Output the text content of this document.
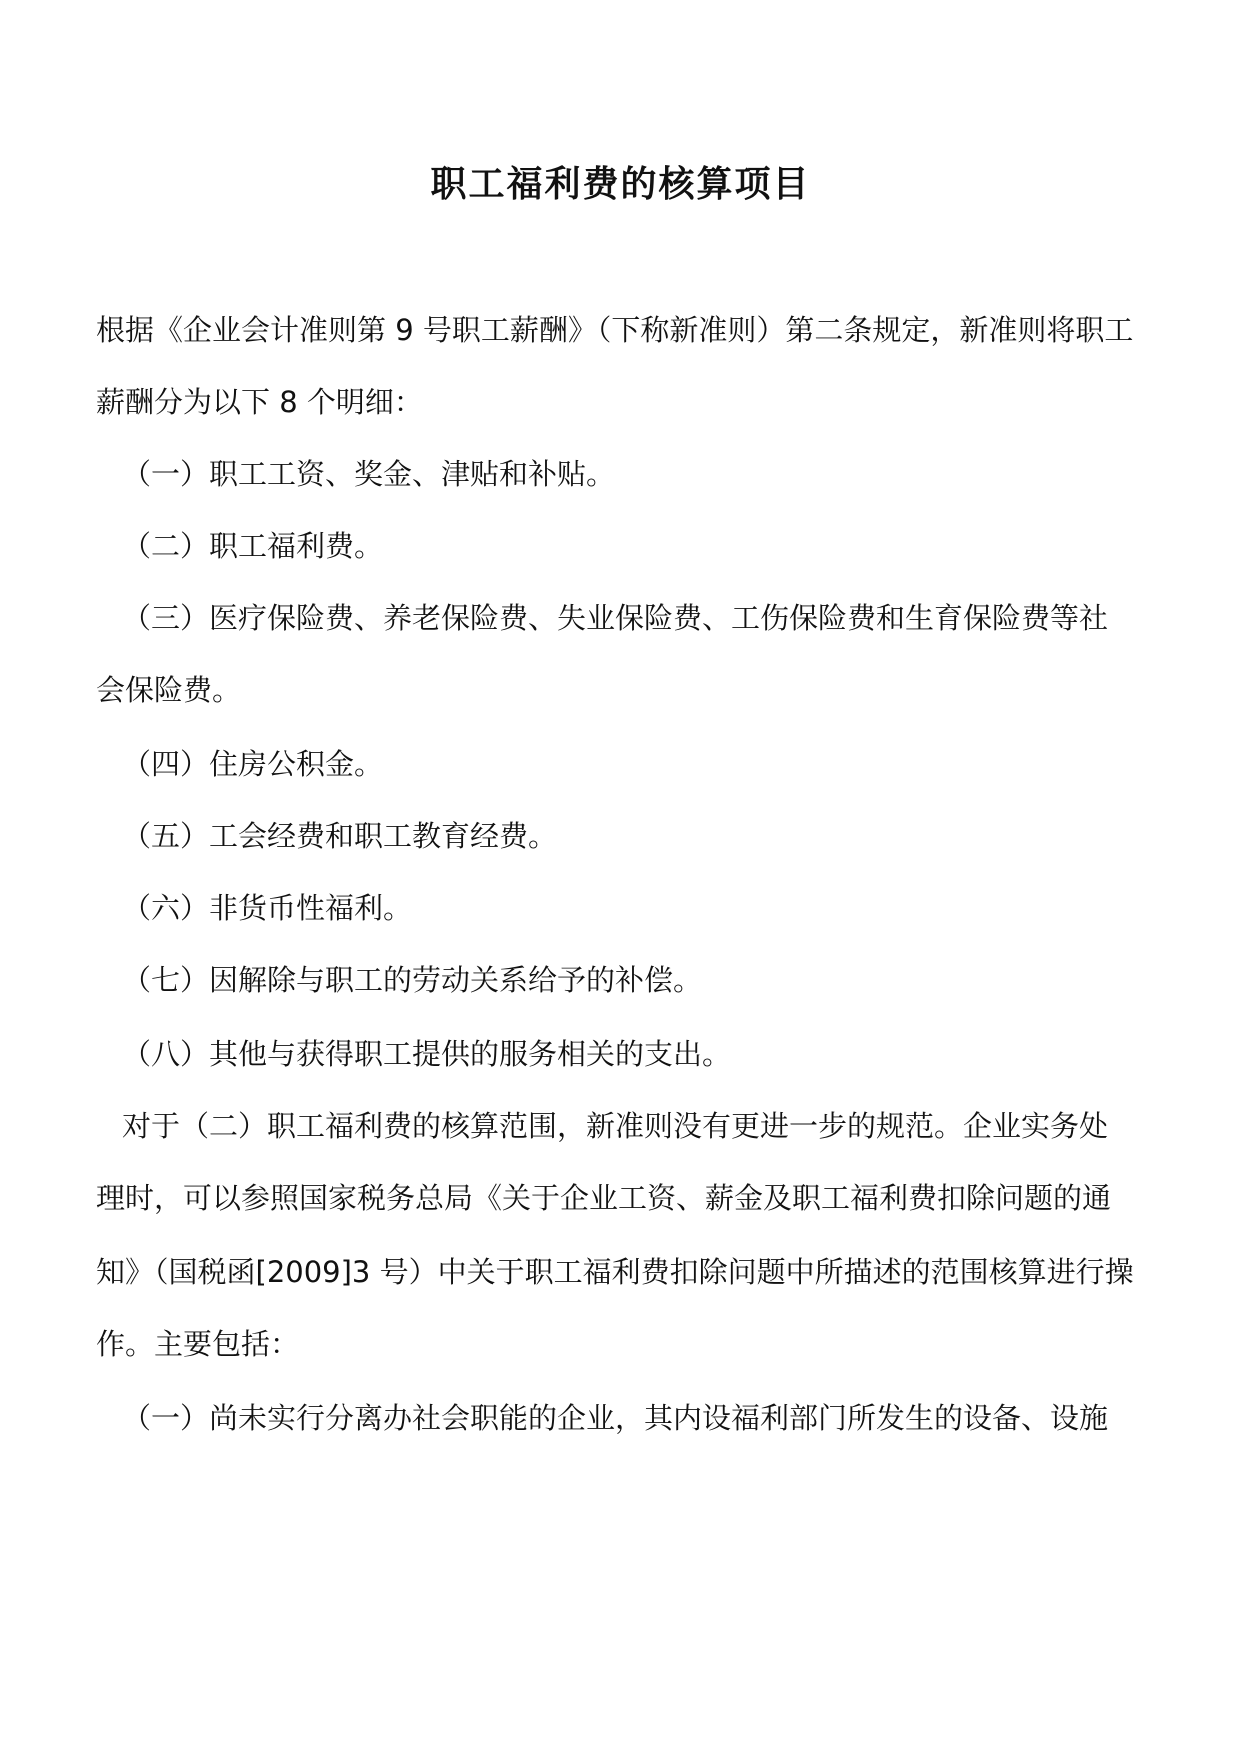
职工福利费的核算项目

根据《企业会计准则第 9 号职工薪酬》（下称新准则）第二条规定，新准则将职工

薪酬分为以下 8 个明细：

（一）职工工资、奖金、津贴和补贴。

（二）职工福利费。

（三）医疗保险费、养老保险费、失业保险费、工伤保险费和生育保险费等社

会保险费。

（四）住房公积金。

（五）工会经费和职工教育经费。

（六）非货币性福利。

（七）因解除与职工的劳动关系给予的补偿。

（八）其他与获得职工提供的服务相关的支出。

对于（二）职工福利费的核算范围，新准则没有更进一步的规范。企业实务处

理时，可以参照国家税务总局《关于企业工资、薪金及职工福利费扣除问题的通

知》（国税函[2009]3 号）中关于职工福利费扣除问题中所描述的范围核算进行操

作。主要包括：

（一）尚未实行分离办社会职能的企业，其内设福利部门所发生的设备、设施
